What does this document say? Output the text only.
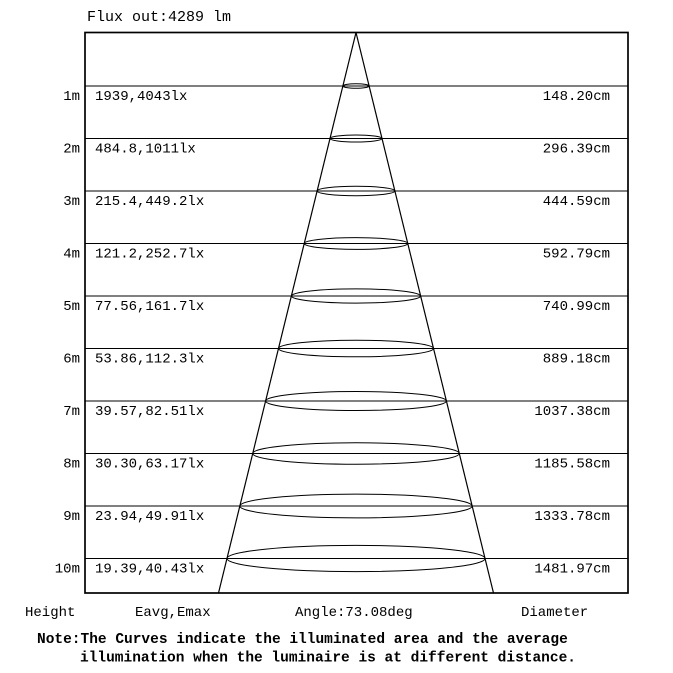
Flux out:4289 lm
1m 1939,4043lx	148.20cm
2m 484.8,1011lx	296.39cm
3m 215.4,449.2lx	444.59cm
4m 121.2,252.7lx	592.79cm
5m 77.56,161.7lx	740.99cm
6m 53.86,112.3lx	889.18cm
7m 39.57,82.51lx	1037.38cm
8m 30.30,63.17lx	1185.58cm
9m 23.94,49.91lx	1333.78cm
10m 19.39,40.43lx	1481.97cm
Height	Eavg,Emax	Angle:73.08deg	Diameter
Note:The Curves indicate the illuminated area and the average
illumination when the luminaire is at different distance.
